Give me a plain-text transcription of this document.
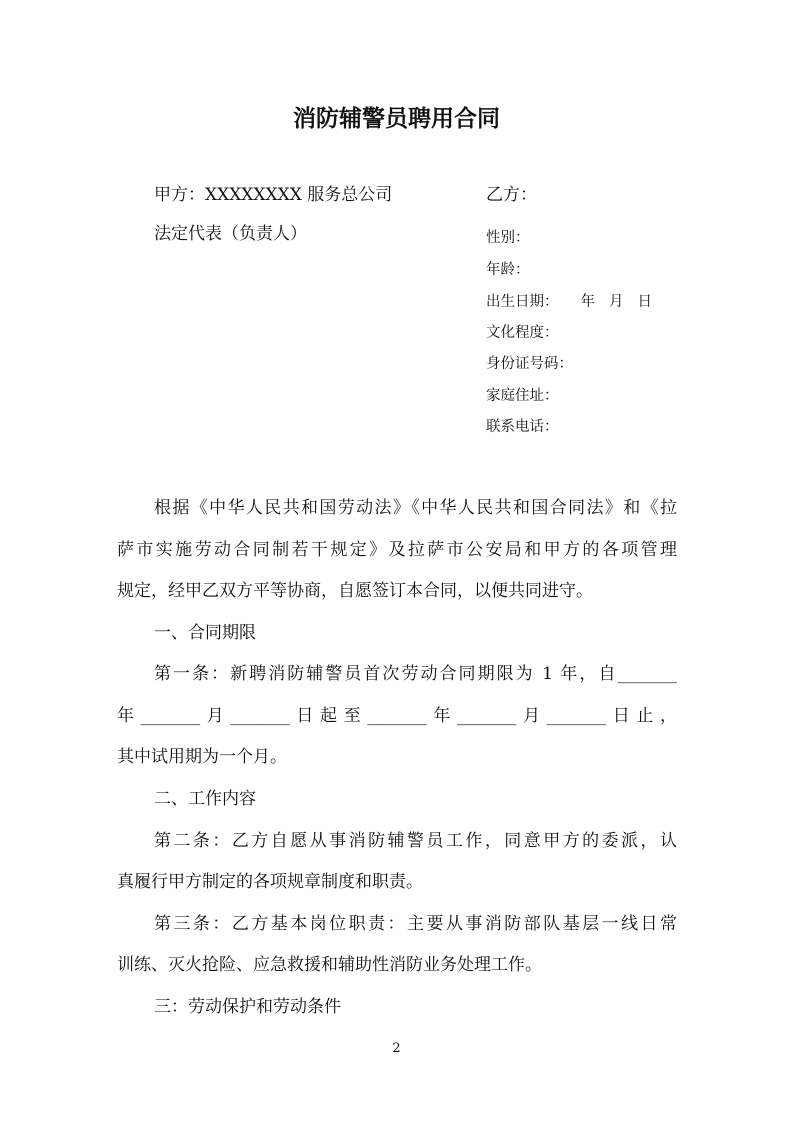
消防辅警员聘用合同
甲方：XXXXXXXX 服务总公司
法定代表（负责人）
乙方：
性别：
年龄：
出生日期： 年 月 日
文化程度：
身份证号码：
家庭住址：
联系电话：
根据《中华人民共和国劳动法》《中华人民共和国合同法》和《拉
萨市实施劳动合同制若干规定》及拉萨市公安局和甲方的各项管理
规定，经甲乙双方平等协商，自愿签订本合同，以便共同进守。
一、合同期限
第一条：新聘消防辅警员首次劳动合同期限为 1 年，自_______
年_______月_______日起至_______年_______月_______日止，
其中试用期为一个月。
二、工作内容
第二条：乙方自愿从事消防辅警员工作，同意甲方的委派，认
真履行甲方制定的各项规章制度和职责。
第三条：乙方基本岗位职责：主要从事消防部队基层一线日常
训练、灭火抢险、应急救援和辅助性消防业务处理工作。
三：劳动保护和劳动条件
2
